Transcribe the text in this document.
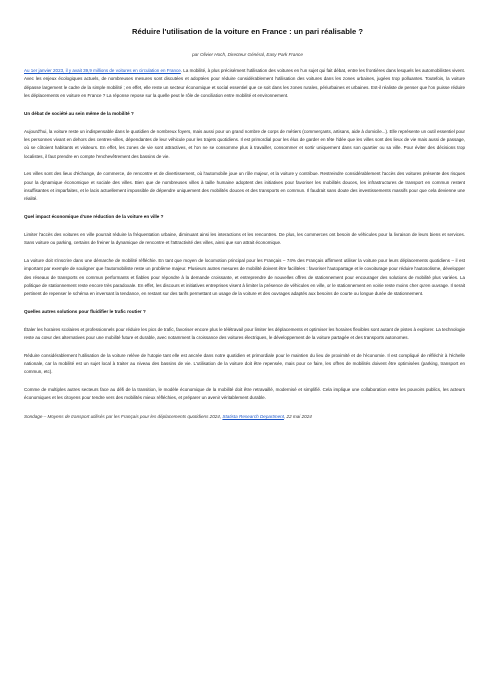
Réduire l'utilisation de la voiture en France : un pari réalisable ?
par Olivier Hoch, Directeur Général, Easy Park France

Au 1er janvier 2023, il y avait 39,9 millions de voitures en circulation en France. La mobilité, à plus précisément l'utilisation des voitures en l'un sujet qui fait débat, entre les frontières dans lesquels les automobilistes vivent. Avec les enjeux écologiques actuels, de nombreuses mesures sont discutées et adoptées pour réduire considérablement l'utilisation des voitures dans les zones urbaines, jugées trop polluantes. Toutefois, la voiture dépasse largement le cadre de la simple mobilité ; en effet, elle reste un secteur économique et social essentiel que ce soit dans les zones rurales, périurbaines et urbaines. Est-il réaliste de penser que l'on puisse réduire les déplacements en voiture en France ? La réponse repose sur la quelle peut le rôle de conciliation entre mobilité et environnement.

Un débat de société au sein même de la mobilité ?

Aujourd'hui, la voiture reste un indispensable dans le quotidien de nombreux foyers, mais aussi pour un grand nombre de corps de métiers (commerçants, artisans, aide à domicile...). Elle représente un outil essentiel pour les personnes vivant en dehors des centres-villes, dépendantes de leur véhicule pour les trajets quotidiens. Il est primordial pour les élus de garder en tête l'idée que les villes sont des lieux de vie mais aussi de passage, où se côtoient habitants et visiteurs. En effet, les zones de vie sont attractives, et l'on ne se consomme plus à travailler, consommer et sortir uniquement dans son quartier ou sa ville. Pour éviter des décisions trop localistes, il faut prendre en compte l'enchevêtrement des bassins de vie.

Les villes sont des lieux d'échange, de commerce, de rencontre et de divertissement, où l'automobile joue un rôle majeur, et la voiture y contribue. Restreindre considérablement l'accès des voitures présente des risques pour la dynamique économique et sociale des villes. Bien que de nombreuses villes à taille humaine adoptent des initiatives pour favoriser les mobilités douces, les infrastructures de transport en commun restent insuffisantes et imparfaites, et le lacis actuellement impossible de dépendre uniquement des mobilités douces et des transports en commun. Il faudrait sans doute des investissements massifs pour que cela devienne une réalité.

Quel impact économique d'une réduction de la voiture en ville ?

Limiter l'accès des voitures en ville pourrait réduire la fréquentation urbaine, diminuant ainsi les interactions et les rencontres. De plus, les commerces ont besoin de véhicules pour la livraison de leurs biens et services. Sans voiture ou parking, certains de freiner la dynamique de rencontre et l'attractivité des villes, ainsi que son attrait économique.

La voiture doit s'inscrire dans une démarche de mobilité réfléchie. En tant que moyen de locomotion principal pour les Français – 74% des Français affirment utiliser la voiture pour leurs déplacements quotidiens – il est important par exemple de souligner que l'automobiliste reste un problème majeur. Plusieurs autres mesures de mobilité doivent être facilitées : favoriser l'autopartage et le covoiturage pour réduire l'autosolisme, développer des réseaux de transports en commun performants et fiables pour répondre à la demande croissante, et entreprendre de nouvelles offres de stationnement pour encourager des solutions de mobilité plus variées. La politique de stationnement reste encore très paradoxale. En effet, les discours et initiatives entreprises visent à limiter la présence de véhicules en ville, or le stationnement en voirie reste moins cher qu'en ouvrage. Il serait pertinent de repenser le schéma en inversant la tendance, en restant sur des tarifs permettant un usage de la voiture et des ouvrages adaptés aux besoins de courte ou longue durée de stationnement.

Quelles autres solutions pour fluidifier le trafic routier ?

Étaler les horaires scolaires et professionnels pour réduire les pics de trafic, favoriser encore plus le télétravail pour limiter les déplacements et optimiser les horaires flexibles sont autant de pistes à explorer. La technologie reste au cœur des alternatives pour une mobilité future et durable, avec notamment la croissance des voitures électriques, le développement de la voiture partagée et des transports autonomes.

Réduire considérablement l'utilisation de la voiture relève de l'utopie tant elle est ancrée dans notre quotidien et primordiale pour le maintien du lieu de proximité et de l'économie. Il est compliqué de réfléchir à l'échelle nationale, car la mobilité est un sujet local à traiter au niveau des bassins de vie. L'utilisation de la voiture doit être repensée, mais pour ce faire, les offres de mobilités doivent être optimisées (parking, transport en commun, etc).

Comme de multiples autres secteurs face au défi de la transition, le modèle économique de la mobilité doit être retravaillé, modernisé et simplifié. Cela implique une collaboration entre les pouvoirs publics, les acteurs économiques et les citoyens pour tendre vers des mobilités mieux réfléchies, et préparer un avenir véritablement durable.

Sondage – Moyens de transport utilisés par les Français pour les déplacements quotidiens 2024, Statista Research Department, 22 mai 2024
